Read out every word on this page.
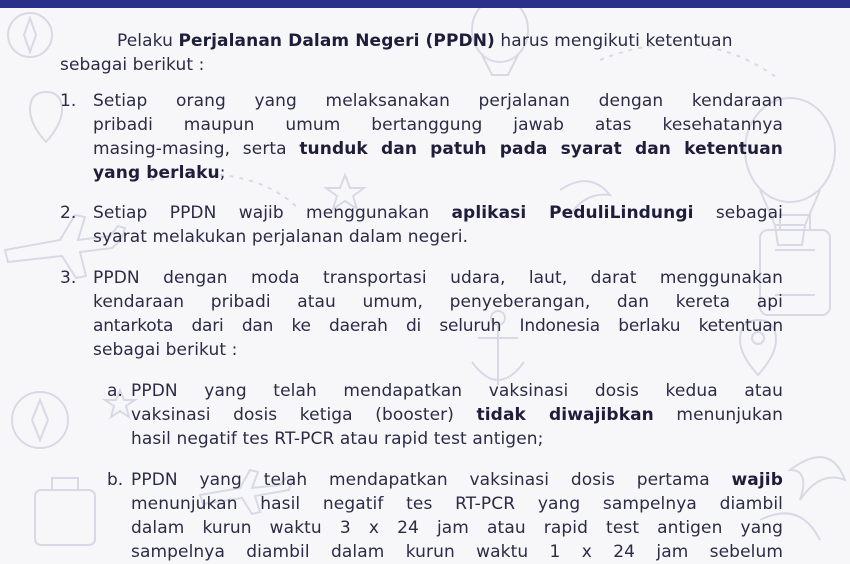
Pelaku Perjalanan Dalam Negeri (PPDN) harus mengikuti ketentuan
sebagai berikut :
1. Setiap orang yang melaksanakan perjalanan dengan kendaraan
pribadi maupun umum bertanggung jawab atas kesehatannya
masing-masing, serta tunduk dan patuh pada syarat dan ketentuan
yang berlaku;
2. Setiap PPDN wajib menggunakan aplikasi PeduliLindungi sebagai
syarat melakukan perjalanan dalam negeri.
3. PPDN dengan moda transportasi udara, laut, darat menggunakan
kendaraan pribadi atau umum, penyeberangan, dan kereta api
antarkota dari dan ke daerah di seluruh Indonesia berlaku ketentuan
sebagai berikut :
a. PPDN yang telah mendapatkan vaksinasi dosis kedua atau
vaksinasi dosis ketiga (booster) tidak diwajibkan menunjukan
hasil negatif tes RT-PCR atau rapid test antigen;
b. PPDN yang telah mendapatkan vaksinasi dosis pertama wajib
menunjukan hasil negatif tes RT-PCR yang sampelnya diambil
dalam kurun waktu 3 x 24 jam atau rapid test antigen yang
sampelnya diambil dalam kurun waktu 1 x 24 jam sebelum
